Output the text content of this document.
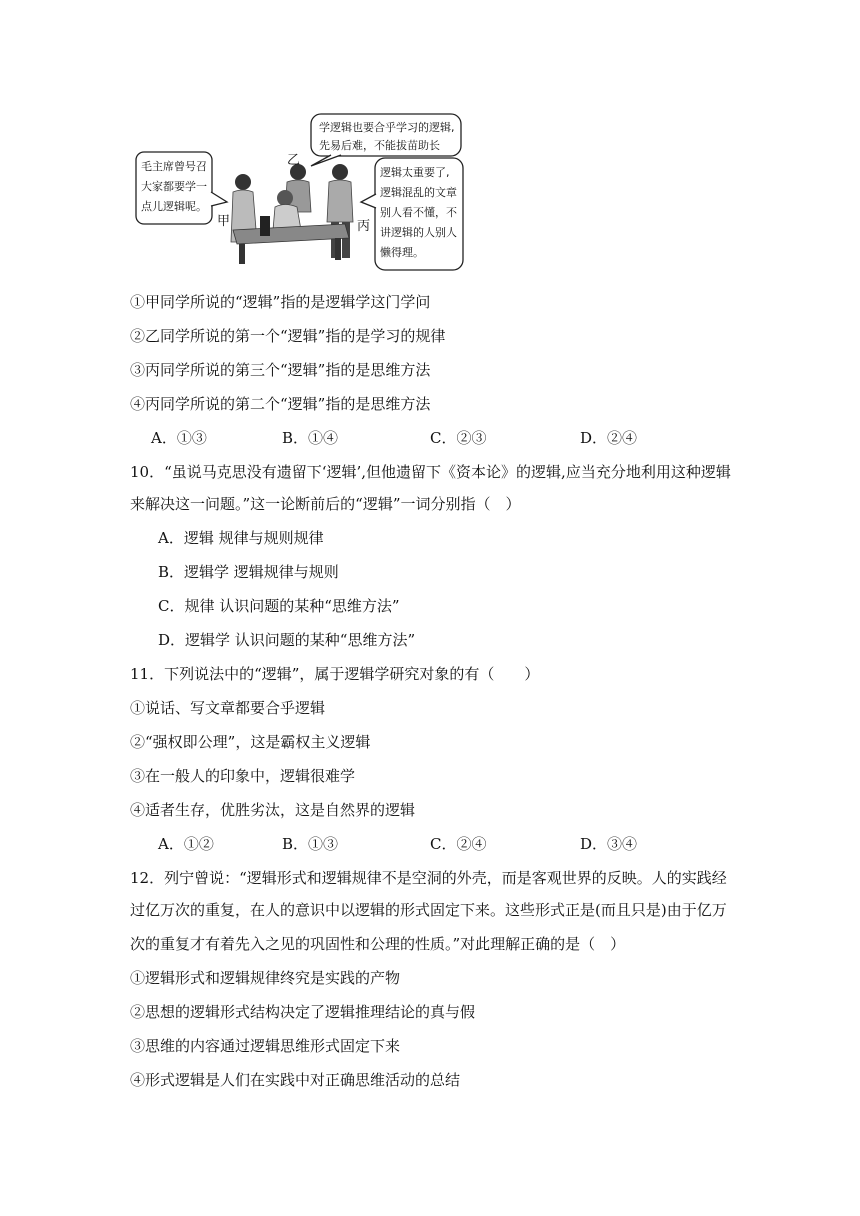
毛主席曾号召
大家都要学一
点儿逻辑呢。
学逻辑也要合乎学习的逻辑,
先易后难，不能拔苗助长
逻辑太重要了,
逻辑混乱的文章
别人看不懂，不
讲逻辑的人别人
懒得理。
甲
乙
丙
①甲同学所说的“逻辑”指的是逻辑学这门学问
②乙同学所说的第一个“逻辑”指的是学习的规律
③丙同学所说的第三个“逻辑”指的是思维方法
④丙同学所说的第二个“逻辑”指的是思维方法
A．①③	B．①④	C．②③	D．②④
10．“虽说马克思没有遗留下‘逻辑’,但他遗留下《资本论》的逻辑,应当充分地利用这种逻辑
来解决这一问题。”这一论断前后的“逻辑”一词分别指（　）
A．逻辑 规律与规则规律
B．逻辑学 逻辑规律与规则
C．规律 认识问题的某种“思维方法”
D．逻辑学 认识问题的某种“思维方法”
11．下列说法中的“逻辑”，属于逻辑学研究对象的有（　　）
①说话、写文章都要合乎逻辑
②“强权即公理”，这是霸权主义逻辑
③在一般人的印象中，逻辑很难学
④适者生存，优胜劣汰，这是自然界的逻辑
A．①②	B．①③	C．②④	D．③④
12．列宁曾说：“逻辑形式和逻辑规律不是空洞的外壳，而是客观世界的反映。人的实践经
过亿万次的重复，在人的意识中以逻辑的形式固定下来。这些形式正是(而且只是)由于亿万
次的重复才有着先入之见的巩固性和公理的性质。”对此理解正确的是（　）
①逻辑形式和逻辑规律终究是实践的产物
②思想的逻辑形式结构决定了逻辑推理结论的真与假
③思维的内容通过逻辑思维形式固定下来
④形式逻辑是人们在实践中对正确思维活动的总结
